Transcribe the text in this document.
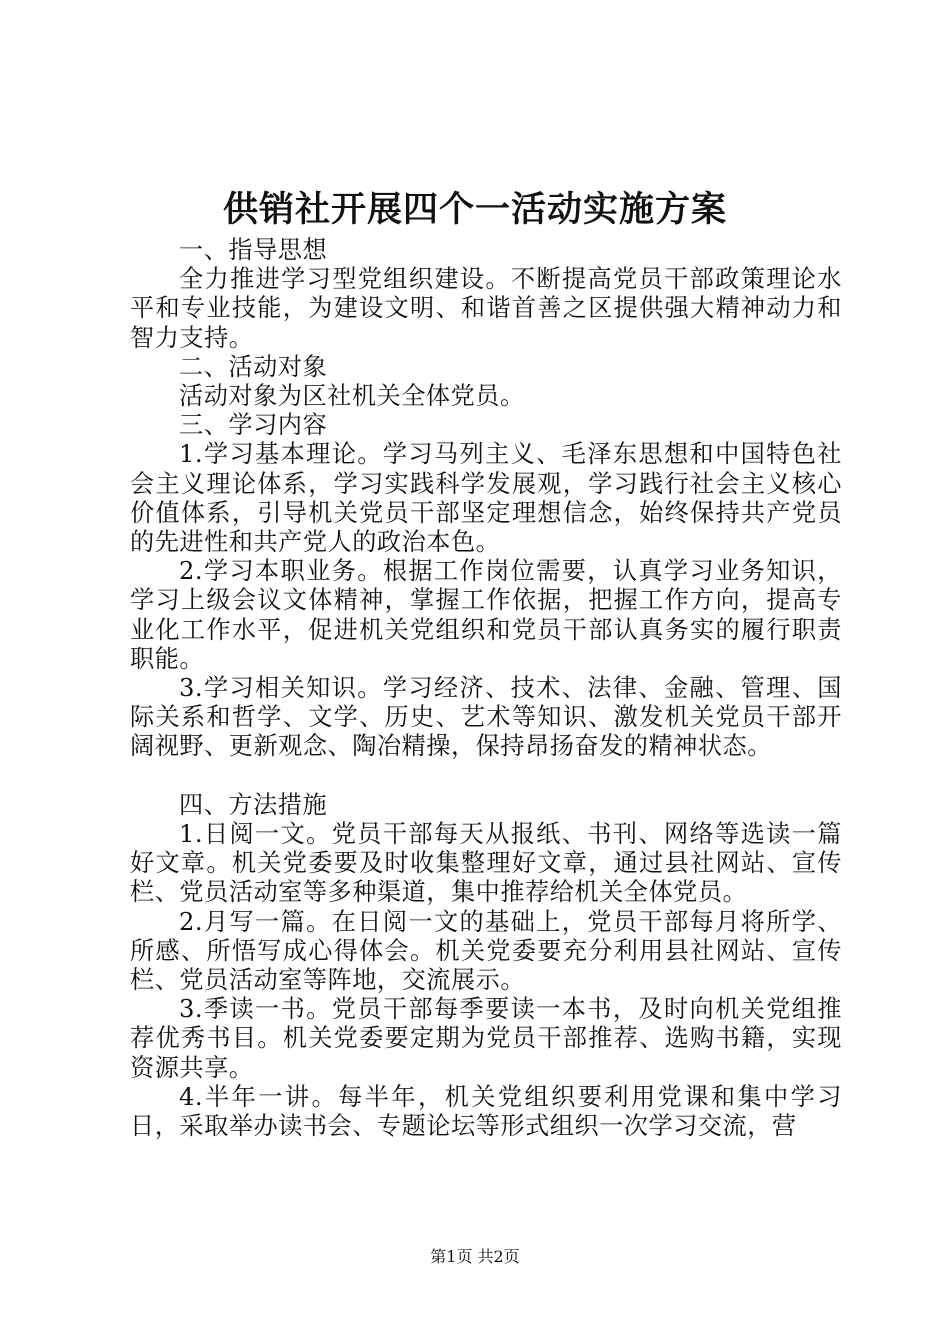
供销社开展四个一活动实施方案

一、指导思想

全力推进学习型党组织建设。不断提高党员干部政策理论水平和专业技能，为建设文明、和谐首善之区提供强大精神动力和智力支持。

二、活动对象

活动对象为区社机关全体党员。

三、学习内容

1.学习基本理论。学习马列主义、毛泽东思想和中国特色社会主义理论体系，学习实践科学发展观，学习践行社会主义核心价值体系，引导机关党员干部坚定理想信念，始终保持共产党员的先进性和共产党人的政治本色。

2.学习本职业务。根据工作岗位需要，认真学习业务知识，学习上级会议文体精神，掌握工作依据，把握工作方向，提高专业化工作水平，促进机关党组织和党员干部认真务实的履行职责职能。

3.学习相关知识。学习经济、技术、法律、金融、管理、国际关系和哲学、文学、历史、艺术等知识、激发机关党员干部开阔视野、更新观念、陶冶精操，保持昂扬奋发的精神状态。

四、方法措施

1.日阅一文。党员干部每天从报纸、书刊、网络等选读一篇好文章。机关党委要及时收集整理好文章，通过县社网站、宣传栏、党员活动室等多种渠道，集中推荐给机关全体党员。

2.月写一篇。在日阅一文的基础上，党员干部每月将所学、所感、所悟写成心得体会。机关党委要充分利用县社网站、宣传栏、党员活动室等阵地，交流展示。

3.季读一书。党员干部每季要读一本书，及时向机关党组推荐优秀书目。机关党委要定期为党员干部推荐、选购书籍，实现资源共享。

4.半年一讲。每半年，机关党组织要利用党课和集中学习日，采取举办读书会、专题论坛等形式组织一次学习交流，营

第1页 共2页
